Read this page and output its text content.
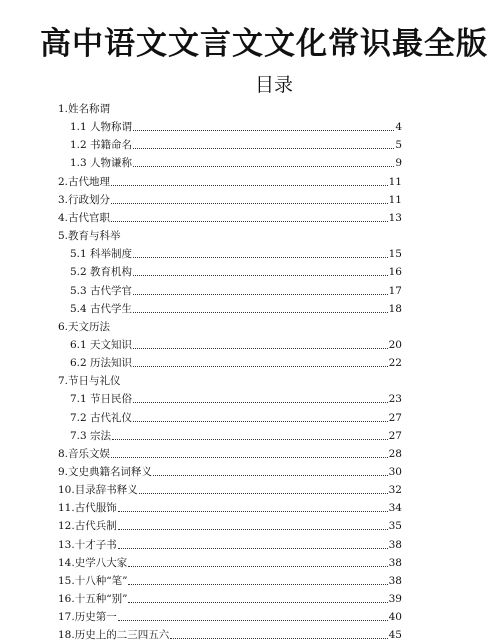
高中语文文言文文化常识最全版
目录
1.姓名称谓
1.1 人物称谓	4
1.2 书籍命名	5
1.3 人物谦称	9
2.古代地理	11
3.行政划分	11
4.古代官职	13
5.教育与科举
5.1 科举制度	15
5.2 教育机构	16
5.3 古代学官	17
5.4 古代学生	18
6.天文历法
6.1 天文知识	20
6.2 历法知识	22
7.节日与礼仪
7.1 节日民俗	23
7.2 古代礼仪	27
7.3 宗法	27
8.音乐文娱	28
9.文史典籍名词释义	30
10.目录辞书释义	32
11.古代服饰	34
12.古代兵制	35
13.十才子书	38
14.史学八大家	38
15.十八种“笔”	38
16.十五种“别”	39
17.历史第一	40
18.历史上的二三四五六	45
